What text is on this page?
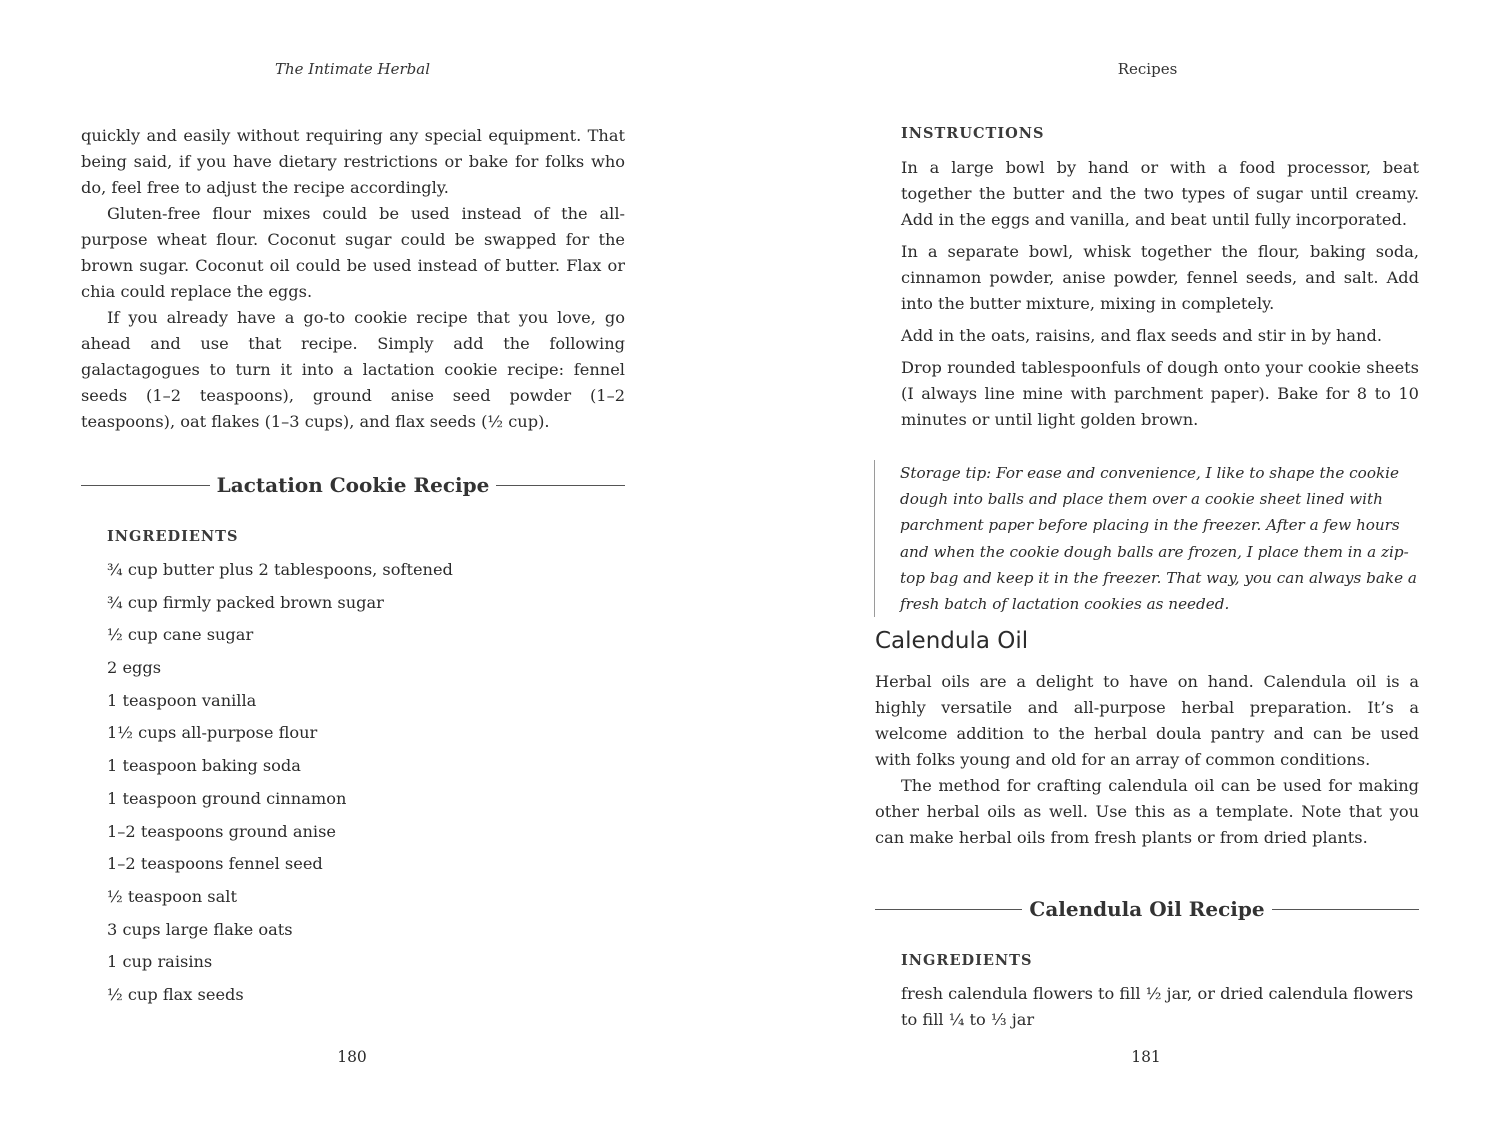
The Intimate Herbal

quickly and easily without requiring any special equipment. That being said, if you have dietary restrictions or bake for folks who do, feel free to adjust the recipe accordingly.

Gluten-free flour mixes could be used instead of the all-purpose wheat flour. Coconut sugar could be swapped for the brown sugar. Coconut oil could be used instead of butter. Flax or chia could replace the eggs.

If you already have a go-to cookie recipe that you love, go ahead and use that recipe. Simply add the following galactagogues to turn it into a lactation cookie recipe: fennel seeds (1–2 teaspoons), ground anise seed powder (1–2 teaspoons), oat flakes (1–3 cups), and flax seeds (½ cup).

Lactation Cookie Recipe
INGREDIENTS
¾ cup butter plus 2 tablespoons, softened
¾ cup firmly packed brown sugar
½ cup cane sugar
2 eggs
1 teaspoon vanilla
1½ cups all-purpose flour
1 teaspoon baking soda
1 teaspoon ground cinnamon
1–2 teaspoons ground anise
1–2 teaspoons fennel seed
½ teaspoon salt
3 cups large flake oats
1 cup raisins
½ cup flax seeds
180
Recipes
INSTRUCTIONS

In a large bowl by hand or with a food processor, beat together the butter and the two types of sugar until creamy. Add in the eggs and vanilla, and beat until fully incorporated.

In a separate bowl, whisk together the flour, baking soda, cinnamon powder, anise powder, fennel seeds, and salt. Add into the butter mixture, mixing in completely.

Add in the oats, raisins, and flax seeds and stir in by hand.

Drop rounded tablespoonfuls of dough onto your cookie sheets (I always line mine with parchment paper). Bake for 8 to 10 minutes or until light golden brown.

Storage tip: For ease and convenience, I like to shape the cookie dough into balls and place them over a cookie sheet lined with parchment paper before placing in the freezer. After a few hours and when the cookie dough balls are frozen, I place them in a zip-top bag and keep it in the freezer. That way, you can always bake a fresh batch of lactation cookies as needed.
Calendula Oil

Herbal oils are a delight to have on hand. Calendula oil is a highly versatile and all-purpose herbal preparation. It’s a welcome addition to the herbal doula pantry and can be used with folks young and old for an array of common conditions.

The method for crafting calendula oil can be used for making other herbal oils as well. Use this as a template. Note that you can make herbal oils from fresh plants or from dried plants.

Calendula Oil Recipe
INGREDIENTS

fresh calendula flowers to fill ½ jar, or dried calendula flowers to fill ¼ to ⅓ jar

181
